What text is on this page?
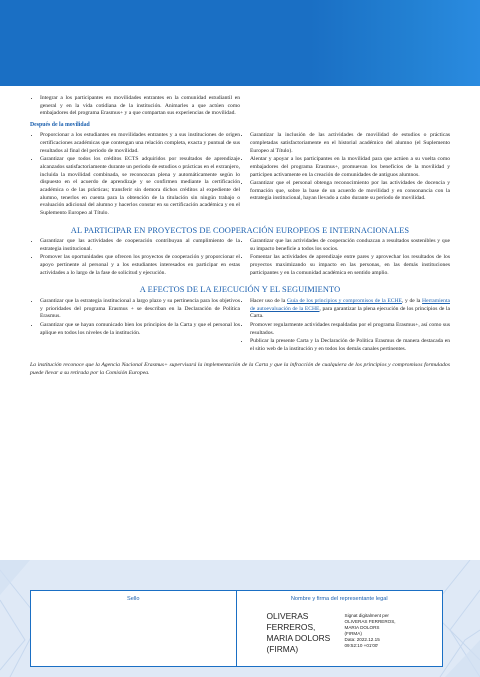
• Integrar a los participantes en movilidades entrantes en la comunidad estudiantil en general y en la vida cotidiana de la institución. Animarles a que actúen como embajadores del programa Erasmus+ y a que compartan sus experiencias de movilidad.
Después de la movilidad
• Proporcionar a los estudiantes en movilidades entrantes y a sus instituciones de origen certificaciones académicas que contengan una relación completa, exacta y puntual de sus resultados al final del periodo de movilidad.
• Garantizar que todos los créditos ECTS adquiridos por resultados de aprendizaje alcanzados satisfactoriamente durante un periodo de estudios o prácticas en el extranjero, incluida la movilidad combinada, se reconozcan plena y automáticamente según lo dispuesto en el acuerdo de aprendizaje y se confirmen mediante la certificación académica o de las prácticas; transferir sin demora dichos créditos al expediente del alumno, tenerlos en cuenta para la obtención de la titulación sin ningún trabajo o evaluación adicional del alumno y hacerlos constar en su certificación académica y en el Suplemento Europeo al Título.
• Garantizar la inclusión de las actividades de movilidad de estudios o prácticas completadas satisfactoriamente en el historial académico del alumno (el Suplemento Europeo al Título).
• Alentar y apoyar a los participantes en la movilidad para que actúen a su vuelta como embajadores del programa Erasmus+, promuevan los beneficios de la movilidad y participen activamente en la creación de comunidades de antiguos alumnos.
• Garantizar que el personal obtenga reconocimiento por las actividades de docencia y formación que, sobre la base de un acuerdo de movilidad y en consonancia con la estrategia institucional, hayan llevado a cabo durante su periodo de movilidad.
AL PARTICIPAR EN PROYECTOS DE COOPERACIÓN EUROPEOS E INTERNACIONALES
• Garantizar que las actividades de cooperación contribuyan al cumplimiento de la estrategia institucional.
• Promover las oportunidades que ofrecen los proyectos de cooperación y proporcionar el apoyo pertinente al personal y a los estudiantes interesados en participar en estas actividades a lo largo de la fase de solicitud y ejecución.
• Garantizar que las actividades de cooperación conduzcan a resultados sostenibles y que su impacto beneficie a todos los socios.
• Fomentar las actividades de aprendizaje entre pares y aprovechar los resultados de los proyectos maximizando su impacto en las personas, en las demás instituciones participantes y en la comunidad académica en sentido amplio.
A EFECTOS DE LA EJECUCIÓN Y EL SEGUIMIENTO
• Garantizar que la estrategia institucional a largo plazo y su pertinencia para los objetivos y prioridades del programa Erasmus + se describan en la Declaración de Política Erasmus.
• Garantizar que se hayan comunicado bien los principios de la Carta y que el personal los aplique en todos los niveles de la institución.
• Hacer uso de la Guía de los principios y compromisos de la ECHE, y de la Herramienta de autoevaluación de la ECHE, para garantizar la plena ejecución de los principios de la Carta.
• Promover regularmente actividades respaldadas por el programa Erasmus+, así como sus resultados.
• Publicar la presente Carta y la Declaración de Política Erasmus de manera destacada en el sitio web de la institución y en todos los demás canales pertinentes.
La institución reconoce que la Agencia Nacional Erasmus+ supervisará la implementación de la Carta y que la infracción de cualquiera de los principios y compromisos formulados puede llevar a su retirada por la Comisión Europea.
Sello	Nombre y firma del representante legal
OLIVERAS
FERREROS,
MARIA DOLORS
(FIRMA)
Signat digitalment per
OLIVERAS FERREROS,
MARIA DOLORS
(FIRMA)
Data: 2022.12.15
09:52:10 +01'00'
